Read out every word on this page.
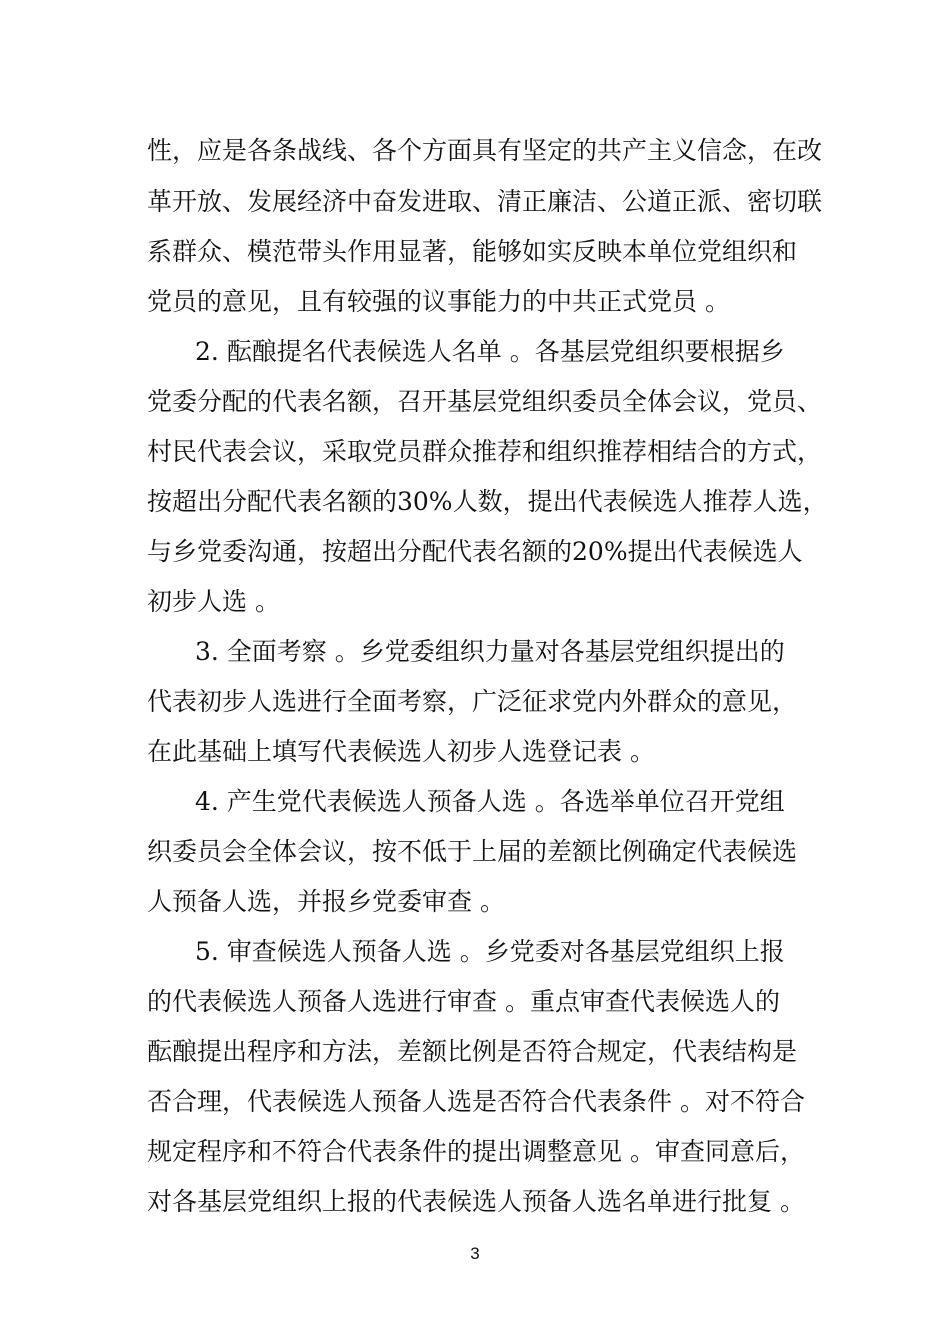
性，应是各条战线、各个方面具有坚定的共产主义信念，在改
革开放、发展经济中奋发进取、清正廉洁、公道正派、密切联
系群众、模范带头作用显著，能够如实反映本单位党组织和
党员的意见，且有较强的议事能力的中共正式党员 。
2. 酝酿提名代表候选人名单 。各基层党组织要根据乡
党委分配的代表名额，召开基层党组织委员全体会议，党员、
村民代表会议，采取党员群众推荐和组织推荐相结合的方式，
按超出分配代表名额的30%人数，提出代表候选人推荐人选，
与乡党委沟通，按超出分配代表名额的20%提出代表候选人
初步人选 。
3. 全面考察 。乡党委组织力量对各基层党组织提出的
代表初步人选进行全面考察，广泛征求党内外群众的意见，
在此基础上填写代表候选人初步人选登记表 。
4. 产生党代表候选人预备人选 。各选举单位召开党组
织委员会全体会议，按不低于上届的差额比例确定代表候选
人预备人选，并报乡党委审查 。
5. 审查候选人预备人选 。乡党委对各基层党组织上报
的代表候选人预备人选进行审查 。重点审查代表候选人的
酝酿提出程序和方法，差额比例是否符合规定，代表结构是
否合理，代表候选人预备人选是否符合代表条件 。对不符合
规定程序和不符合代表条件的提出调整意见 。审查同意后，
对各基层党组织上报的代表候选人预备人选名单进行批复 。
3
